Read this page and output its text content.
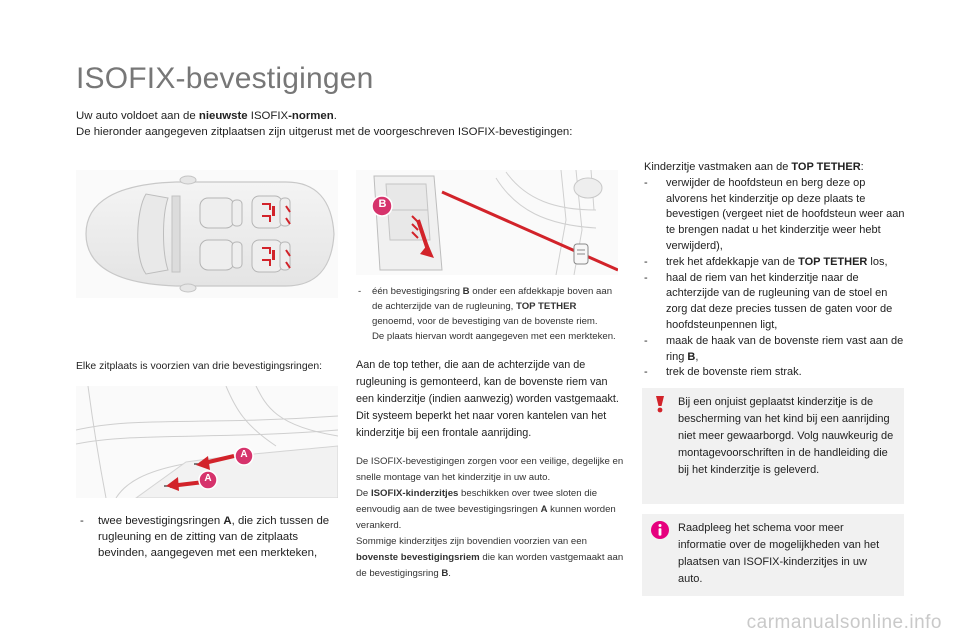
ISOFIX-bevestigingen
Uw auto voldoet aan de nieuwste ISOFIX-normen.
De hieronder aangegeven zitplaatsen zijn uitgerust met de voorgeschreven ISOFIX-bevestigingen:
B
-	één bevestigingsring B onder een afdekkapje boven aan de achterzijde van de rugleuning, TOP TETHER genoemd, voor de bevestiging van de bovenste riem.
De plaats hiervan wordt aangegeven met een merkteken.
Elke zitplaats is voorzien van drie bevestigingsringen:
A
A
- twee bevestigingsringen A, die zich tussen de rugleuning en de zitting van de zitplaats bevinden, aangegeven met een merkteken,
Aan de top tether, die aan de achterzijde van de rugleuning is gemonteerd, kan de bovenste riem van een kinderzitje (indien aanwezig) worden vastgemaakt. Dit systeem beperkt het naar voren kantelen van het kinderzitje bij een frontale aanrijding.
De ISOFIX-bevestigingen zorgen voor een veilige, degelijke en snelle montage van het kinderzitje in uw auto.
De ISOFIX-kinderzitjes beschikken over twee sloten die eenvoudig aan de twee bevestigingsringen A kunnen worden verankerd.
Sommige kinderzitjes zijn bovendien voorzien van een bovenste bevestigingsriem die kan worden vastgemaakt aan de bevestigingsring B.
Kinderzitje vastmaken aan de TOP TETHER:
- verwijder de hoofdsteun en berg deze op alvorens het kinderzitje op deze plaats te bevestigen (vergeet niet de hoofdsteun weer aan te brengen nadat u het kinderzitje weer hebt verwijderd),
- trek het afdekkapje van de TOP TETHER los,
- haal de riem van het kinderzitje naar de achterzijde van de rugleuning van de stoel en zorg dat deze precies tussen de gaten voor de hoofdsteunpennen ligt,
- maak de haak van de bovenste riem vast aan de ring B,
- trek de bovenste riem strak.
Bij een onjuist geplaatst kinderzitje is de bescherming van het kind bij een aanrijding niet meer gewaarborgd. Volg nauwkeurig de montagevoorschriften in de handleiding die bij het kinderzitje is geleverd.
Raadpleeg het schema voor meer informatie over de mogelijkheden van het plaatsen van ISOFIX-kinderzitjes in uw auto.
carmanualsonline.info
